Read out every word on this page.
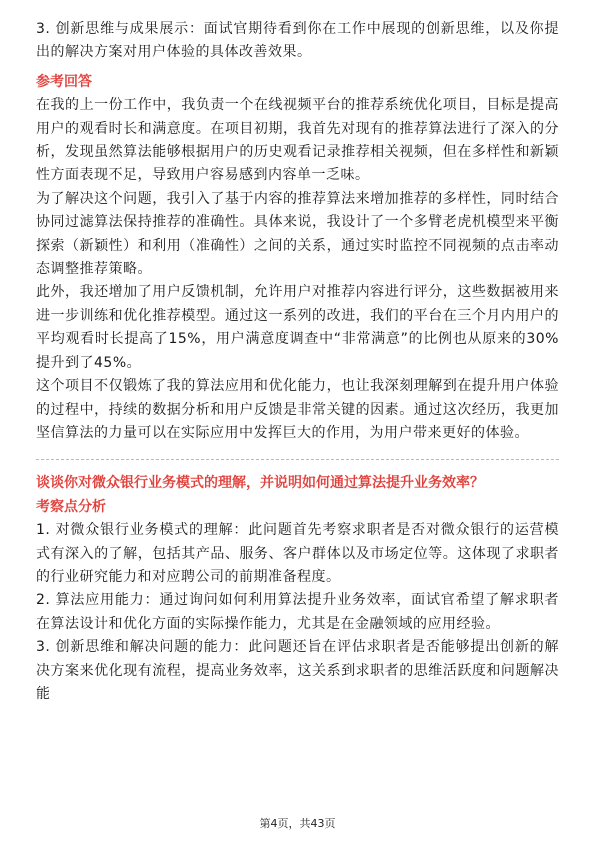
3. 创新思维与成果展示：面试官期待看到你在工作中展现的创新思维，以及你提出的解决方案对用户体验的具体改善效果。

参考回答

在我的上一份工作中，我负责一个在线视频平台的推荐系统优化项目，目标是提高用户的观看时长和满意度。在项目初期，我首先对现有的推荐算法进行了深入的分析，发现虽然算法能够根据用户的历史观看记录推荐相关视频，但在多样性和新颖性方面表现不足，导致用户容易感到内容单一乏味。

为了解决这个问题，我引入了基于内容的推荐算法来增加推荐的多样性，同时结合协同过滤算法保持推荐的准确性。具体来说，我设计了一个多臂老虎机模型来平衡探索（新颖性）和利用（准确性）之间的关系，通过实时监控不同视频的点击率动态调整推荐策略。

此外，我还增加了用户反馈机制，允许用户对推荐内容进行评分，这些数据被用来进一步训练和优化推荐模型。通过这一系列的改进，我们的平台在三个月内用户的平均观看时长提高了15%，用户满意度调查中“非常满意”的比例也从原来的30%提升到了45%。

这个项目不仅锻炼了我的算法应用和优化能力，也让我深刻理解到在提升用户体验的过程中，持续的数据分析和用户反馈是非常关键的因素。通过这次经历，我更加坚信算法的力量可以在实际应用中发挥巨大的作用，为用户带来更好的体验。

谈谈你对微众银行业务模式的理解，并说明如何通过算法提升业务效率？
考察点分析

1. 对微众银行业务模式的理解：此问题首先考察求职者是否对微众银行的运营模式有深入的了解，包括其产品、服务、客户群体以及市场定位等。这体现了求职者的行业研究能力和对应聘公司的前期准备程度。

2. 算法应用能力：通过询问如何利用算法提升业务效率，面试官希望了解求职者在算法设计和优化方面的实际操作能力，尤其是在金融领域的应用经验。

3. 创新思维和解决问题的能力：此问题还旨在评估求职者是否能够提出创新的解决方案来优化现有流程，提高业务效率，这关系到求职者的思维活跃度和问题解决能

第4页，共43页
